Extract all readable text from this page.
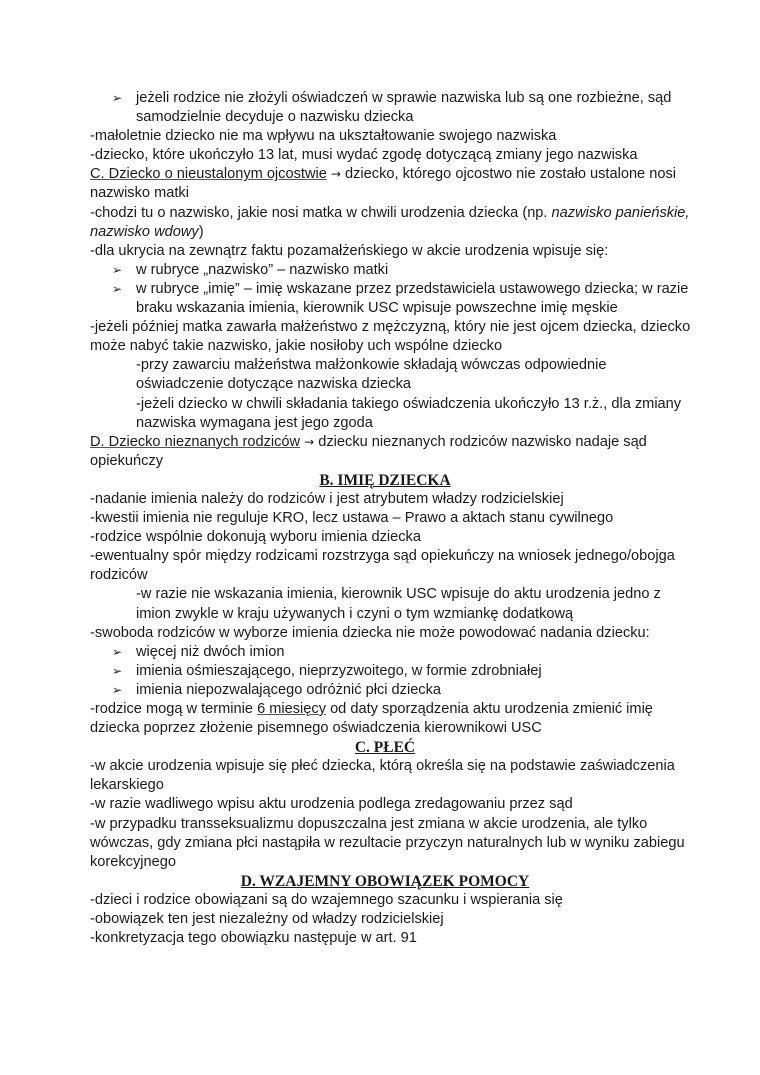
➢ jeżeli rodzice nie złożyli oświadczeń w sprawie nazwiska lub są one rozbieżne, sąd
samodzielnie decyduje o nazwisku dziecka
-małoletnie dziecko nie ma wpływu na ukształtowanie swojego nazwiska
-dziecko, które ukończyło 13 lat, musi wydać zgodę dotyczącą zmiany jego nazwiska
C. Dziecko o nieustalonym ojcostwie → dziecko, którego ojcostwo nie zostało ustalone nosi
nazwisko matki
-chodzi tu o nazwisko, jakie nosi matka w chwili urodzenia dziecka (np. nazwisko panieńskie,
nazwisko wdowy)
-dla ukrycia na zewnątrz faktu pozamałżeńskiego w akcie urodzenia wpisuje się:
➢ w rubryce „nazwisko” – nazwisko matki
➢ w rubryce „imię” – imię wskazane przez przedstawiciela ustawowego dziecka; w razie
braku wskazania imienia, kierownik USC wpisuje powszechne imię męskie
-jeżeli później matka zawarła małżeństwo z mężczyzną, który nie jest ojcem dziecka, dziecko
może nabyć takie nazwisko, jakie nosiłoby uch wspólne dziecko
-przy zawarciu małżeństwa małżonkowie składają wówczas odpowiednie
oświadczenie dotyczące nazwiska dziecka
-jeżeli dziecko w chwili składania takiego oświadczenia ukończyło 13 r.ż., dla zmiany
nazwiska wymagana jest jego zgoda
D. Dziecko nieznanych rodziców → dziecku nieznanych rodziców nazwisko nadaje sąd
opiekuńczy
B. IMIĘ DZIECKA
-nadanie imienia należy do rodziców i jest atrybutem władzy rodzicielskiej
-kwestii imienia nie reguluje KRO, lecz ustawa – Prawo a aktach stanu cywilnego
-rodzice wspólnie dokonują wyboru imienia dziecka
-ewentualny spór między rodzicami rozstrzyga sąd opiekuńczy na wniosek jednego/obojga
rodziców
-w razie nie wskazania imienia, kierownik USC wpisuje do aktu urodzenia jedno z
imion zwykle w kraju używanych i czyni o tym wzmiankę dodatkową
-swoboda rodziców w wyborze imienia dziecka nie może powodować nadania dziecku:
➢ więcej niż dwóch imion
➢ imienia ośmieszającego, nieprzyzwoitego, w formie zdrobniałej
➢ imienia niepozwalającego odróżnić płci dziecka
-rodzice mogą w terminie 6 miesięcy od daty sporządzenia aktu urodzenia zmienić imię
dziecka poprzez złożenie pisemnego oświadczenia kierownikowi USC
C. PŁEĆ
-w akcie urodzenia wpisuje się płeć dziecka, którą określa się na podstawie zaświadczenia
lekarskiego
-w razie wadliwego wpisu aktu urodzenia podlega zredagowaniu przez sąd
-w przypadku transseksualizmu dopuszczalna jest zmiana w akcie urodzenia, ale tylko
wówczas, gdy zmiana płci nastąpiła w rezultacie przyczyn naturalnych lub w wyniku zabiegu
korekcyjnego
D. WZAJEMNY OBOWIĄZEK POMOCY
-dzieci i rodzice obowiązani są do wzajemnego szacunku i wspierania się
-obowiązek ten jest niezależny od władzy rodzicielskiej
-konkretyzacja tego obowiązku następuje w art. 91
